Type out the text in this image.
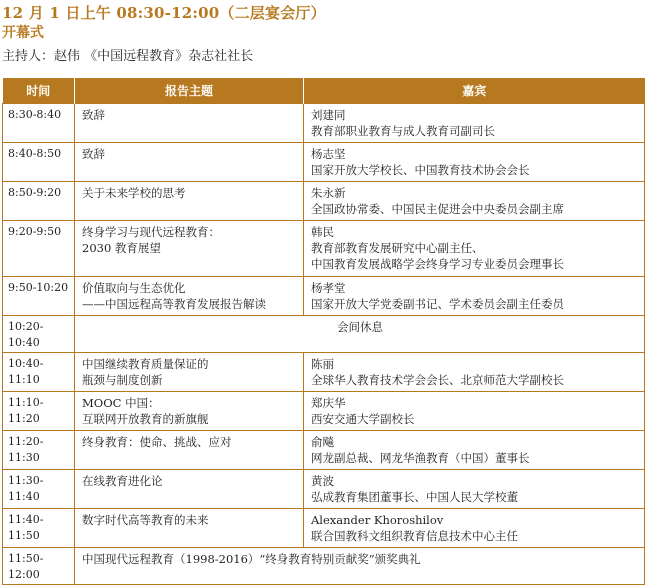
12 月 1 日上午 08:30-12:00（二层宴会厅）
开幕式
主持人：赵伟 《中国远程教育》杂志社社长
时间	报告主题	嘉宾
8:30-8:40	致辞	刘建同
教育部职业教育与成人教育司副司长

8:40-8:50	致辞	杨志坚
国家开放大学校长、中国教育技术协会会长

8:50-9:20	关于未来学校的思考	朱永新
全国政协常委、中国民主促进会中央委员会副主席

9:20-9:50	终身学习与现代远程教育：
2030 教育展望	韩民
教育部教育发展研究中心副主任、
中国教育发展战略学会终身学习专业委员会理事长

9:50-10:20	价值取向与生态优化
——中国远程高等教育发展报告解读	杨孝堂
国家开放大学党委副书记、学术委员会副主任委员

10:20-10:40	会间休息	
10:40-11:10	中国继续教育质量保证的
瓶颈与制度创新	陈丽
全球华人教育技术学会会长、北京师范大学副校长

11:10-11:20	MOOC 中国：
互联网开放教育的新旗舰	郑庆华
西安交通大学副校长

11:20-11:30	终身教育：使命、挑战、应对	俞飚
网龙副总裁、网龙华渔教育（中国）董事长

11:30-11:40	在线教育进化论	黄波
弘成教育集团董事长、中国人民大学校董

11:40-11:50	数字时代高等教育的未来	Alexander Khoroshilov
联合国教科文组织教育信息技术中心主任

11:50-12:00	中国现代远程教育（1998-2016）“终身教育特别贡献奖”颁奖典礼	
